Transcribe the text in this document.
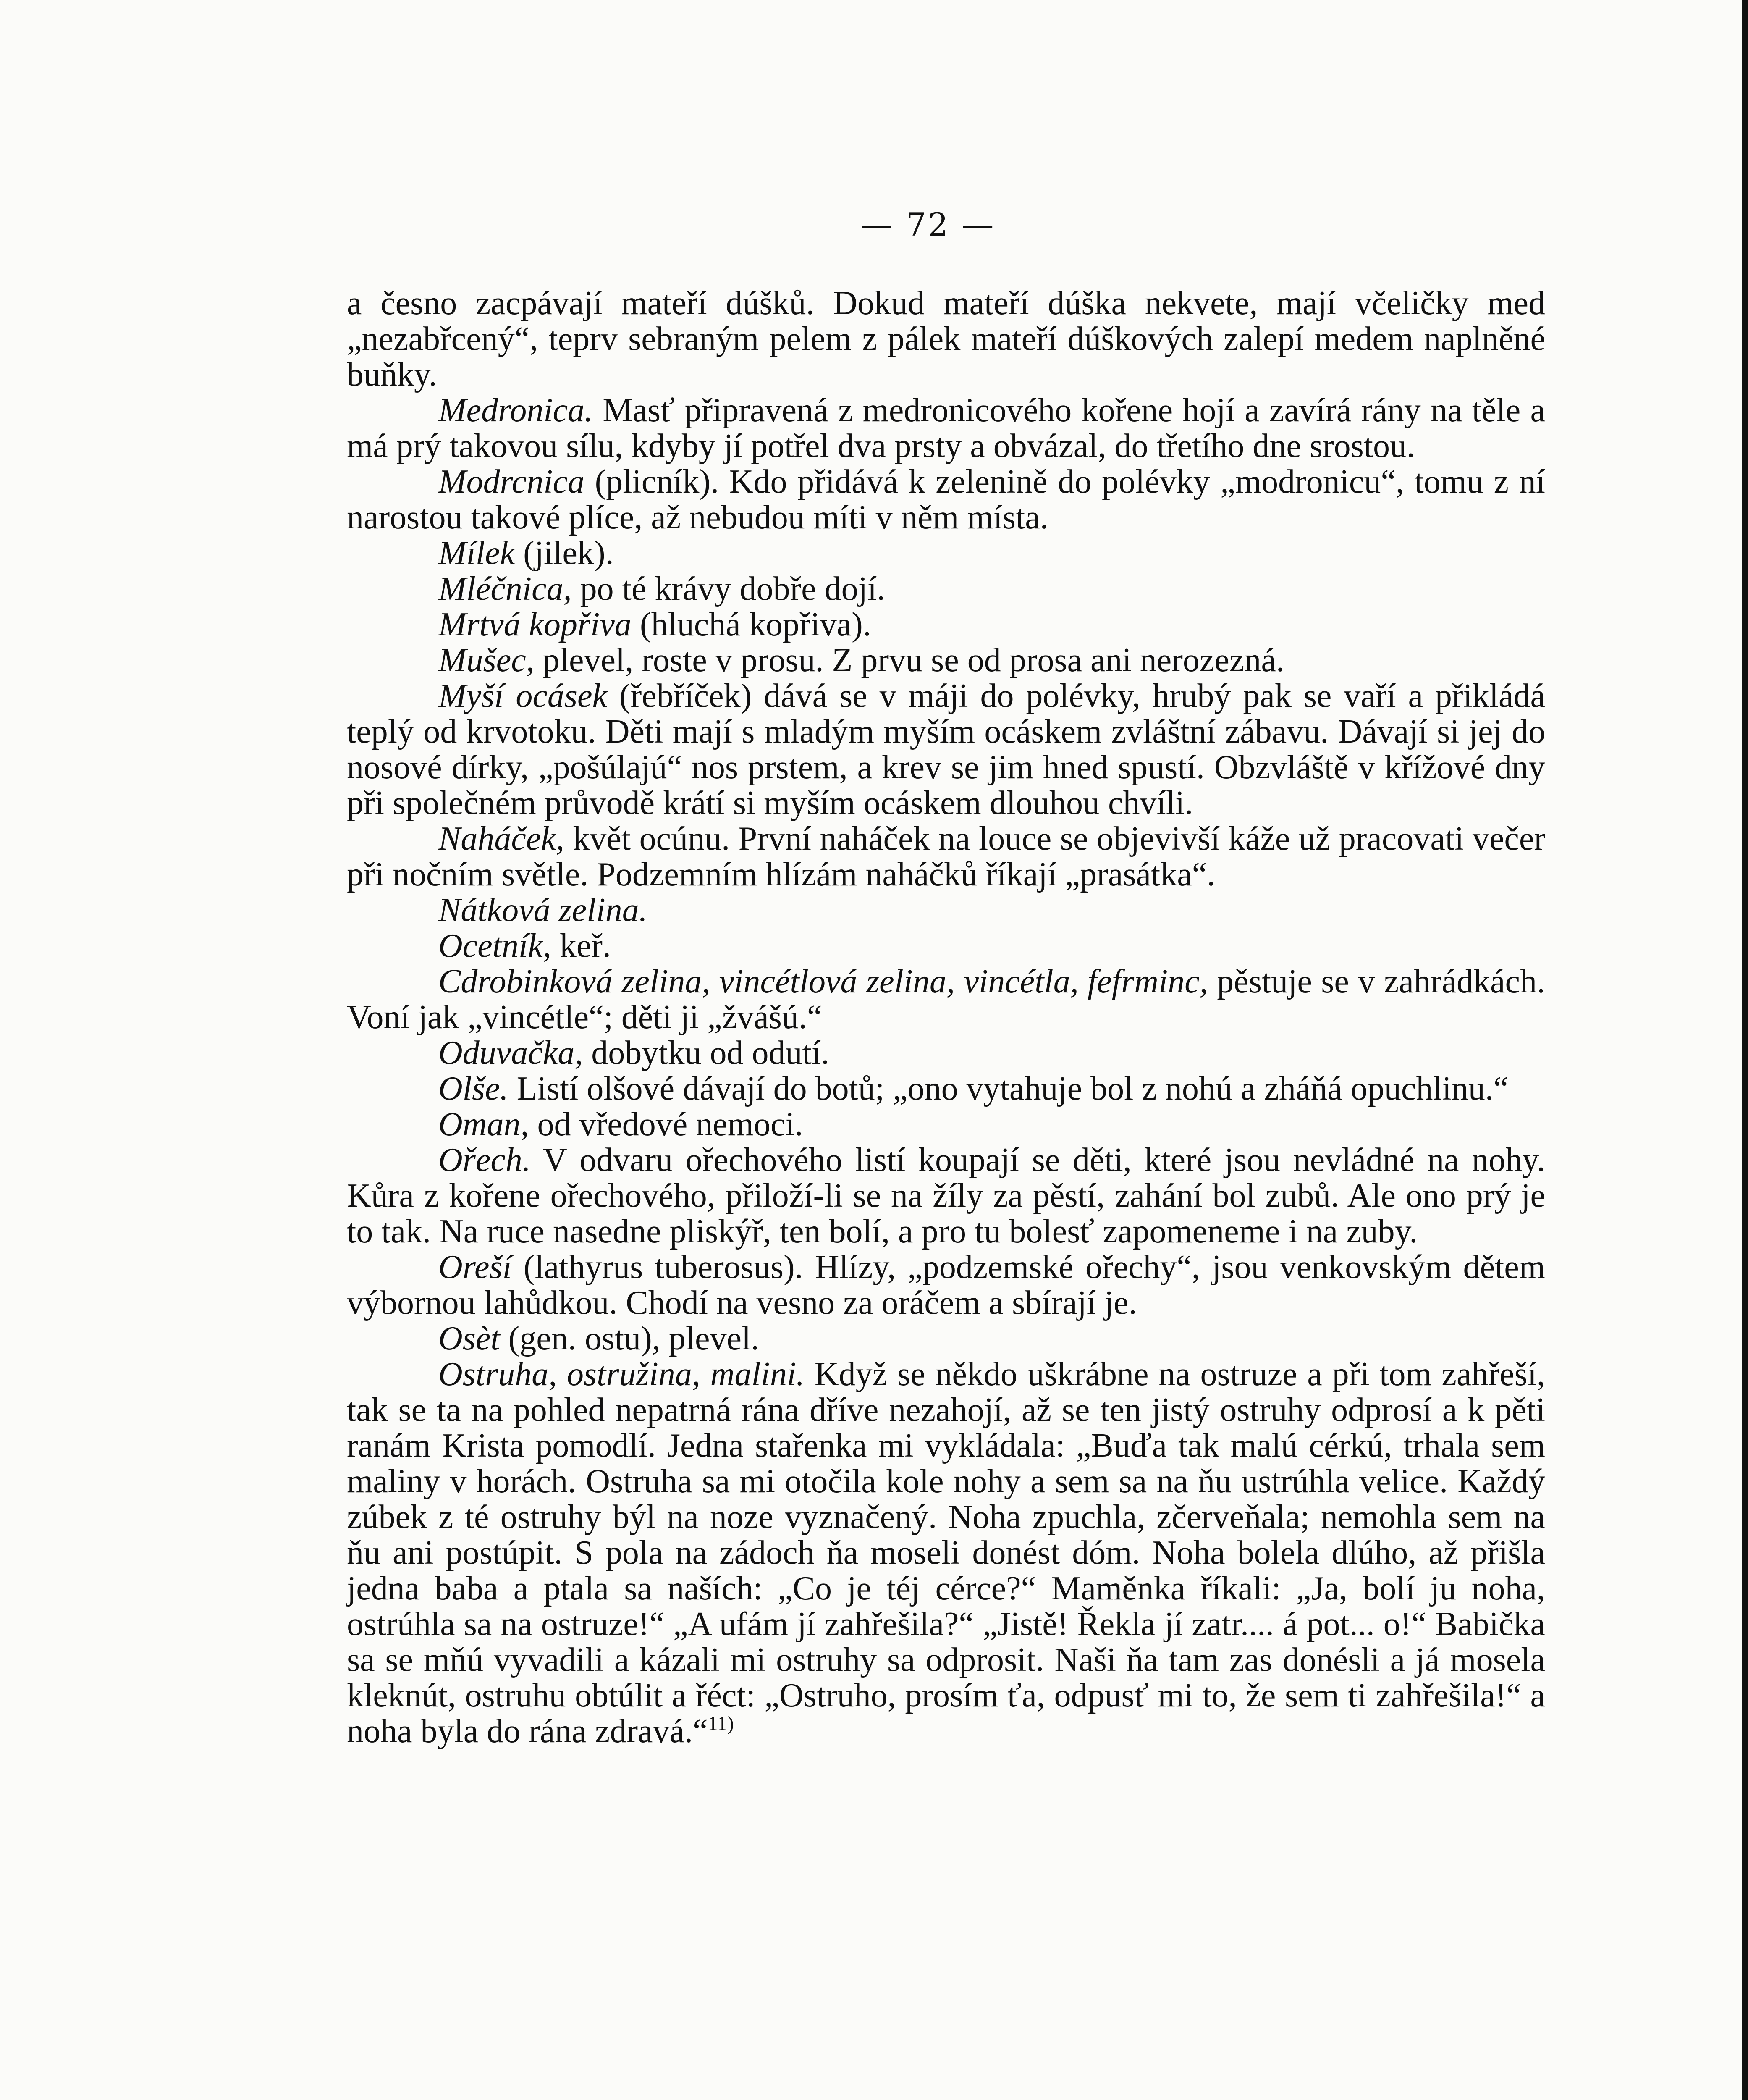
— 72 —

a česno zacpávají mateří dúšků. Dokud mateří dúška nekvete, mají včeličky med „nezabřcený“, teprv sebraným pelem z pálek mateří dúškových zalepí medem naplněné buňky.

Medronica. Masť připravená z medronicového kořene hojí a zavírá rány na těle a má prý takovou sílu, kdyby jí potřel dva prsty a obvázal, do třetího dne srostou.

Modrcnica (plicník). Kdo přidává k zelenině do polévky „modronicu“, tomu z ní narostou takové plíce, až nebudou míti v něm místa.

Mílek (jilek).

Mléčnica, po té krávy dobře dojí.

Mrtvá kopřiva (hluchá kopřiva).

Mušec, plevel, roste v prosu. Z prvu se od prosa ani nerozezná.

Myší ocásek (řebříček) dává se v máji do polévky, hrubý pak se vaří a přikládá teplý od krvotoku. Děti mají s mladým myším ocáskem zvláštní zábavu. Dávají si jej do nosové dírky, „pošúlajú“ nos prstem, a krev se jim hned spustí. Obzvláště v křížové dny při společném průvodě krátí si myším ocáskem dlouhou chvíli.

Naháček, květ ocúnu. První naháček na louce se objevivší káže už pracovati večer při nočním světle. Podzemním hlízám naháčků říkají „prasátka“.

Nátková zelina.

Ocetník, keř.

Cdrobinková zelina, vincétlová zelina, vincétla, fefrminc, pěstuje se v zahrádkách. Voní jak „vincétle“; děti ji „žvášú.“

Oduvačka, dobytku od odutí.

Olše. Listí olšové dávají do botů; „ono vytahuje bol z nohú a zháňá opuchlinu.“

Oman, od vředové nemoci.

Ořech. V odvaru ořechového listí koupají se děti, které jsou nevládné na nohy. Kůra z kořene ořechového, přiloží-li se na žíly za pěstí, zahání bol zubů. Ale ono prý je to tak. Na ruce nasedne pliskýř, ten bolí, a pro tu bolesť zapomeneme i na zuby.

Oreší (lathyrus tuberosus). Hlízy, „podzemské ořechy“, jsou venkovským dětem výbornou lahůdkou. Chodí na vesno za oráčem a sbírají je.

Osèt (gen. ostu), plevel.

Ostruha, ostružina, malini. Když se někdo uškrábne na ostruze a při tom zahřeší, tak se ta na pohled nepatrná rána dříve nezahojí, až se ten jistý ostruhy odprosí a k pěti ranám Krista pomodlí. Jedna stařenka mi vykládala: „Buďa tak malú cérkú, trhala sem maliny v horách. Ostruha sa mi otočila kole nohy a sem sa na ňu ustrúhla velice. Každý zúbek z té ostruhy býl na noze vyznačený. Noha zpuchla, zčerveňala; nemohla sem na ňu ani postúpit. S pola na zádoch ňa moseli donést dóm. Noha bolela dlúho, až přišla jedna baba a ptala sa naších: „Co je téj cérce?“ Maměnka říkali: „Ja, bolí ju noha, ostrúhla sa na ostruze!“ „A ufám jí zahřešila?“ „Jistě! Řekla jí zatr.... á pot... o!“ Babička sa se mňú vyvadili a kázali mi ostruhy sa odprosit. Naši ňa tam zas donésli a já mosela kleknút, ostruhu obtúlit a řéct: „Ostruho, prosím ťa, odpusť mi to, že sem ti zahřešila!“ a noha byla do rána zdravá.“$^{11)}$
